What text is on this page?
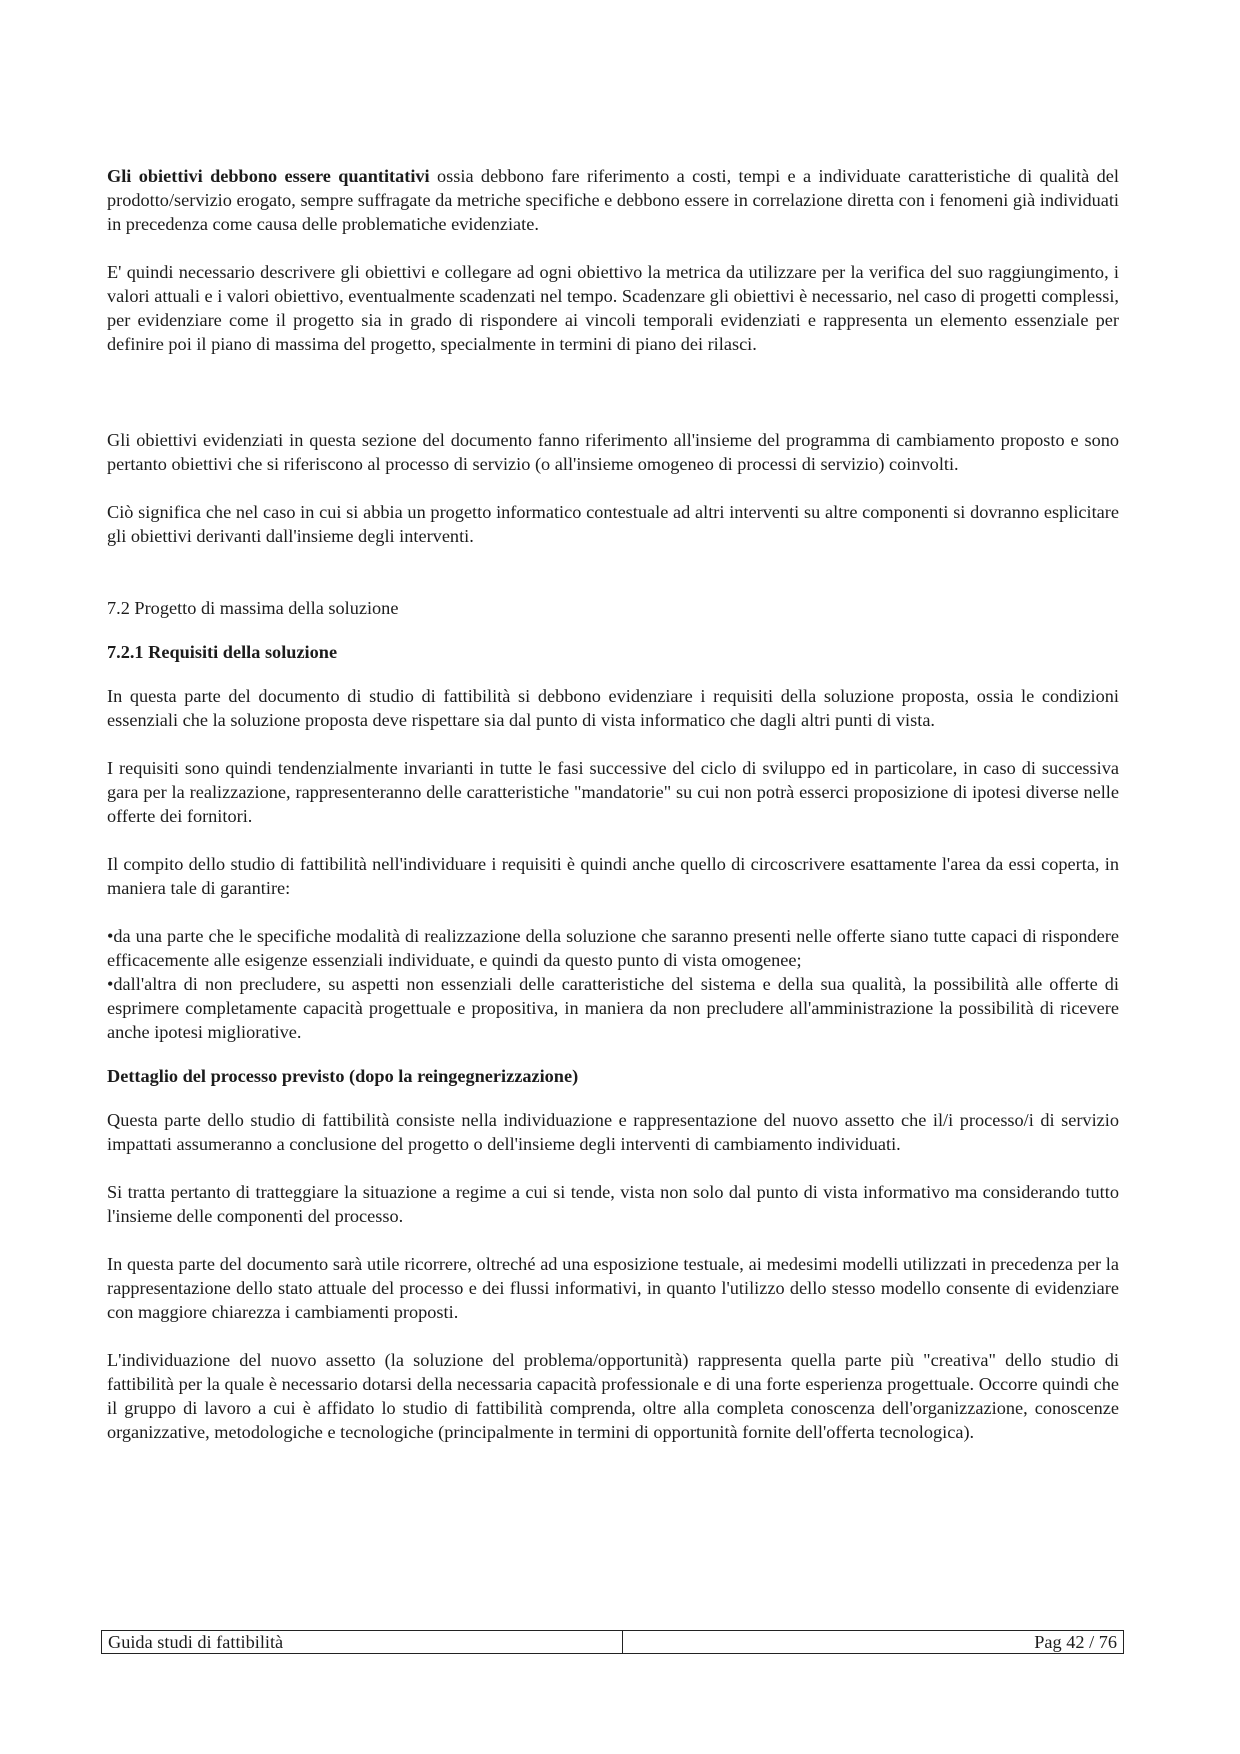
Gli obiettivi debbono essere quantitativi ossia debbono fare riferimento a costi, tempi e a individuate caratteristiche di qualità del prodotto/servizio erogato, sempre suffragate da metriche specifiche e debbono essere in correlazione diretta con i fenomeni già individuati in precedenza come causa delle problematiche evidenziate.

E' quindi necessario descrivere gli obiettivi e collegare ad ogni obiettivo la metrica da utilizzare per la verifica del suo raggiungimento, i valori attuali e i valori obiettivo, eventualmente scadenzati nel tempo. Scadenzare gli obiettivi è necessario, nel caso di progetti complessi, per evidenziare come il progetto sia in grado di rispondere ai vincoli temporali evidenziati e rappresenta un elemento essenziale per definire poi il piano di massima del progetto, specialmente in termini di piano dei rilasci.

Gli obiettivi evidenziati in questa sezione del documento fanno riferimento all'insieme del programma di cambiamento proposto e sono pertanto obiettivi che si riferiscono al processo di servizio (o all'insieme omogeneo di processi di servizio) coinvolti.

Ciò significa che nel caso in cui si abbia un progetto informatico contestuale ad altri interventi su altre componenti si dovranno esplicitare gli obiettivi derivanti dall'insieme degli interventi.

7.2 Progetto di massima della soluzione

7.2.1 Requisiti della soluzione

In questa parte del documento di studio di fattibilità si debbono evidenziare i requisiti della soluzione proposta, ossia le condizioni essenziali che la soluzione proposta deve rispettare sia dal punto di vista informatico che dagli altri punti di vista.

I requisiti sono quindi tendenzialmente invarianti in tutte le fasi successive del ciclo di sviluppo ed in particolare, in caso di successiva gara per la realizzazione, rappresenteranno delle caratteristiche "mandatorie" su cui non potrà esserci proposizione di ipotesi diverse nelle offerte dei fornitori.

Il compito dello studio di fattibilità nell'individuare i requisiti è quindi anche quello di circoscrivere esattamente l'area da essi coperta, in maniera tale di garantire:

•da una parte che le specifiche modalità di realizzazione della soluzione che saranno presenti nelle offerte siano tutte capaci di rispondere efficacemente alle esigenze essenziali individuate, e quindi da questo punto di vista omogenee;

•dall'altra di non precludere, su aspetti non essenziali delle caratteristiche del sistema e della sua qualità, la possibilità alle offerte di esprimere completamente capacità progettuale e propositiva, in maniera da non precludere all'amministrazione la possibilità di ricevere anche ipotesi migliorative.

Dettaglio del processo previsto (dopo la reingegnerizzazione)

Questa parte dello studio di fattibilità consiste nella individuazione e rappresentazione del nuovo assetto che il/i processo/i di servizio impattati assumeranno a conclusione del progetto o dell'insieme degli interventi di cambiamento individuati.

Si tratta pertanto di tratteggiare la situazione a regime a cui si tende, vista non solo dal punto di vista informativo ma considerando tutto l'insieme delle componenti del processo.

In questa parte del documento sarà utile ricorrere, oltreché ad una esposizione testuale, ai medesimi modelli utilizzati in precedenza per la rappresentazione dello stato attuale del processo e dei flussi informativi, in quanto l'utilizzo dello stesso modello consente di evidenziare con maggiore chiarezza i cambiamenti proposti.

L'individuazione del nuovo assetto (la soluzione del problema/opportunità) rappresenta quella parte più "creativa" dello studio di fattibilità per la quale è necessario dotarsi della necessaria capacità professionale e di una forte esperienza progettuale. Occorre quindi che il gruppo di lavoro a cui è affidato lo studio di fattibilità comprenda, oltre alla completa conoscenza dell'organizzazione, conoscenze organizzative, metodologiche e tecnologiche (principalmente in termini di opportunità fornite dell'offerta tecnologica).

Guida studi di fattibilità	Pag 42 / 76
